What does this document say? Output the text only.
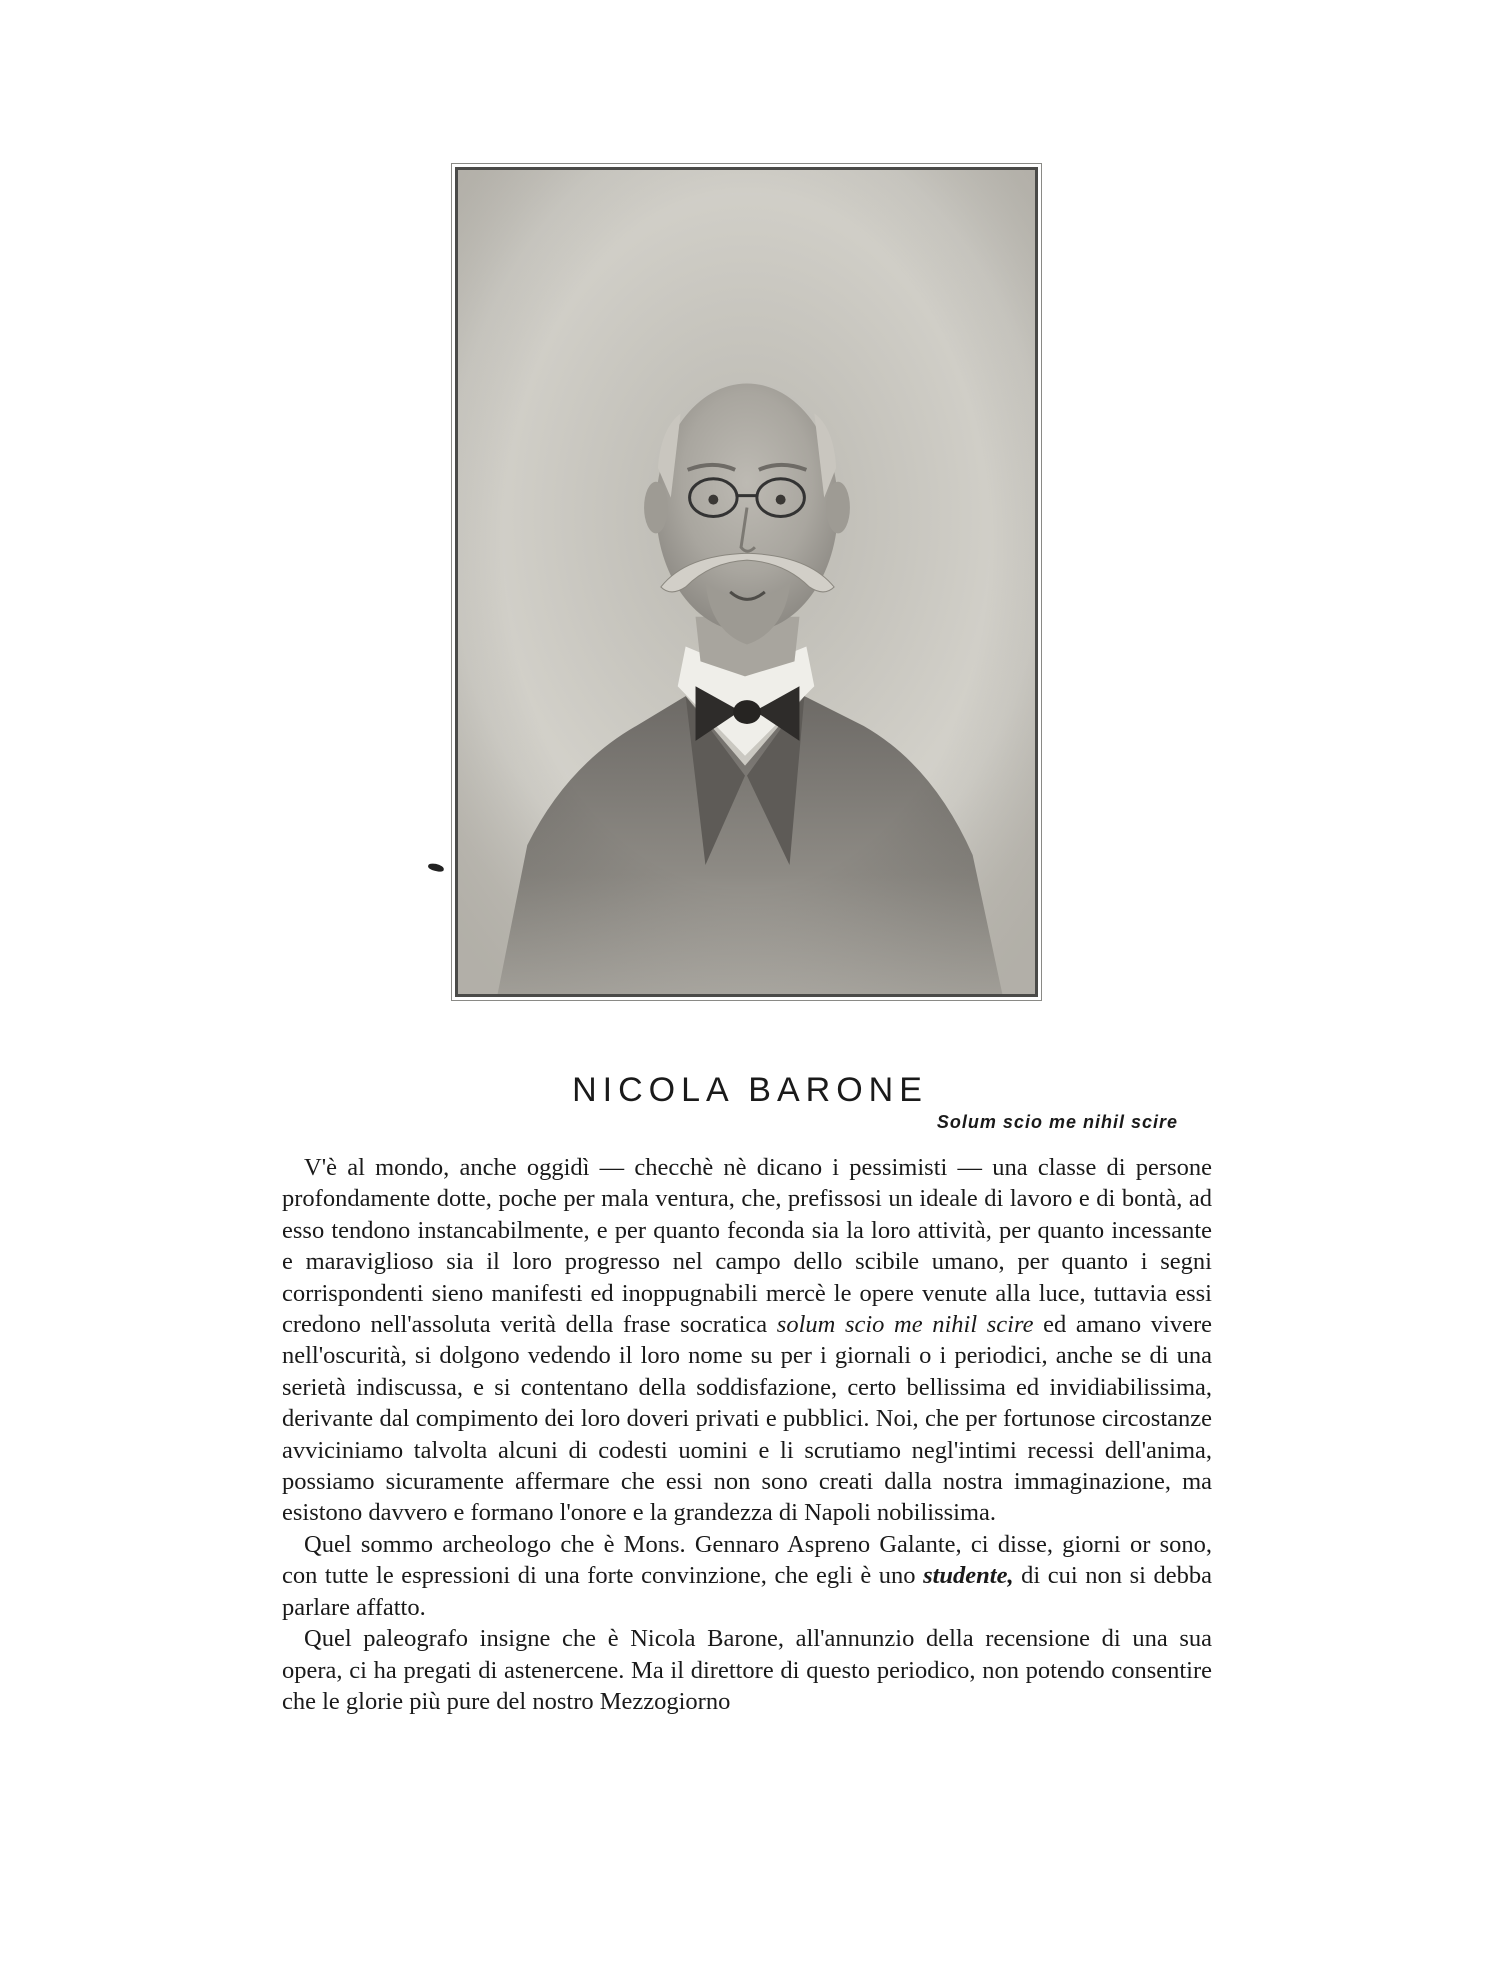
NICOLA BARONE
Solum scio me nihil scire

V'è al mondo, anche oggidì — checchè nè dicano i pessimisti — una classe di persone profondamente dotte, poche per mala ventura, che, prefissosi un ideale di lavoro e di bontà, ad esso tendono instancabilmente, e per quanto feconda sia la loro attività, per quanto incessante e maraviglioso sia il loro progresso nel campo dello scibile umano, per quanto i segni corrispondenti sieno manifesti ed inoppugnabili mercè le opere venute alla luce, tuttavia essi credono nell'assoluta verità della frase socratica solum scio me nihil scire ed amano vivere nell'oscurità, si dolgono vedendo il loro nome su per i giornali o i periodici, anche se di una serietà indiscussa, e si contentano della soddisfazione, certo bellissima ed invidiabilissima, derivante dal compimento dei loro doveri privati e pubblici. Noi, che per fortunose circostanze avviciniamo talvolta alcuni di codesti uomini e li scrutiamo negl'intimi recessi dell'anima, possiamo sicuramente affermare che essi non sono creati dalla nostra immaginazione, ma esistono davvero e formano l'onore e la grandezza di Napoli nobilissima.

Quel sommo archeologo che è Mons. Gennaro Aspreno Galante, ci disse, giorni or sono, con tutte le espressioni di una forte convinzione, che egli è uno studente, di cui non si debba parlare affatto.

Quel paleografo insigne che è Nicola Barone, all'annunzio della recensione di una sua opera, ci ha pregati di astenercene. Ma il direttore di questo periodico, non potendo consentire che le glorie più pure del nostro Mezzogiorno
